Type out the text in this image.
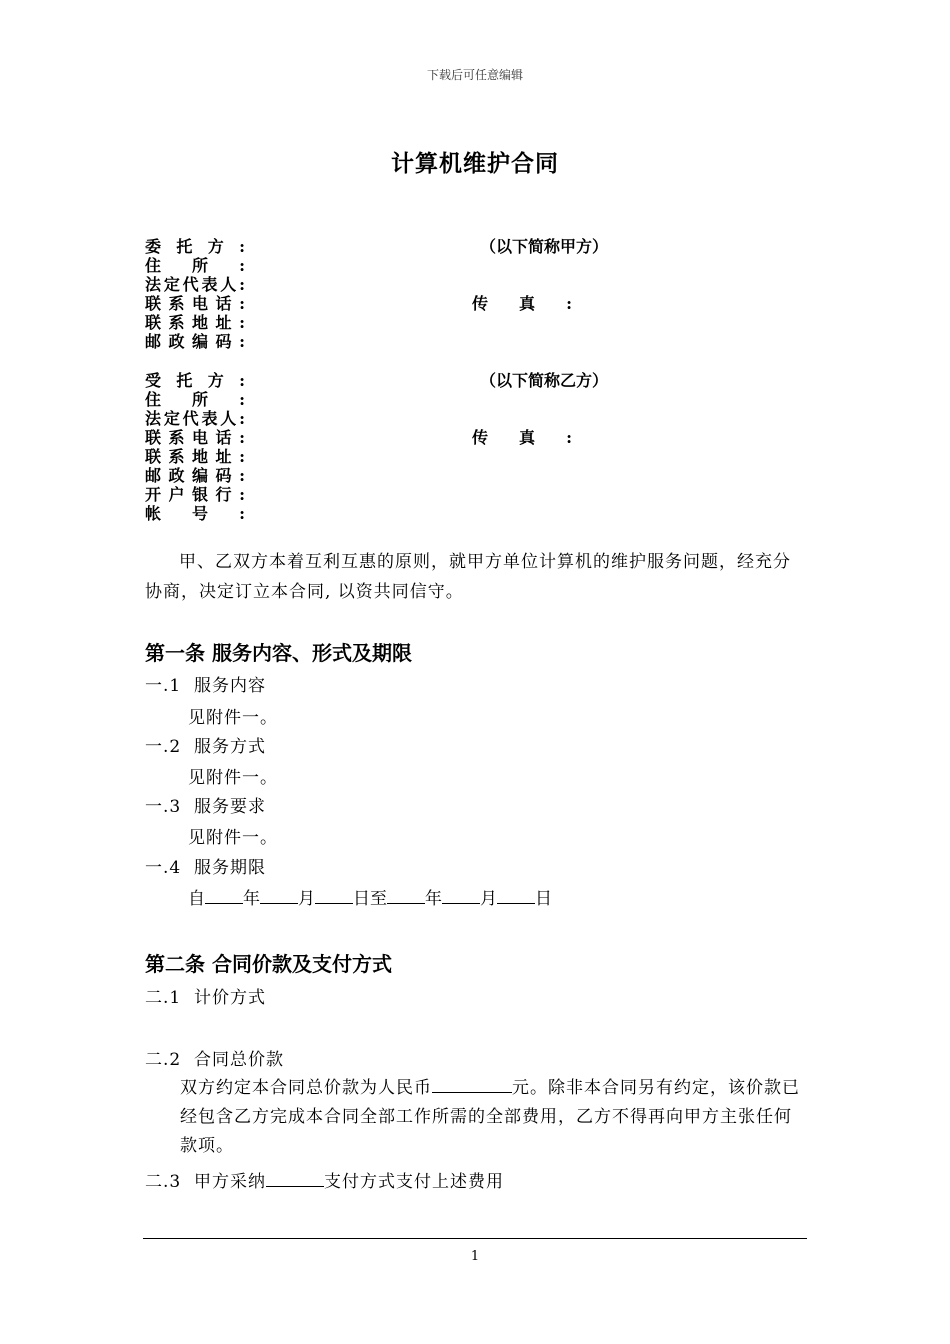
下载后可任意编辑
计算机维护合同
委托方:	（以下简称甲方）
住所:
法定代表人:
联系电话:	传真:
联系地址:
邮政编码:
受托方:	（以下简称乙方）
住所:
法定代表人:
联系电话:	传真:
联系地址:
邮政编码:
开户银行:
帐号:
甲、乙双方本着互利互惠的原则，就甲方单位计算机的维护服务问题，经充分协商，决定订立本合同, 以资共同信守。
第一条 服务内容、形式及期限
一.1 服务内容
见附件一。
一.2 服务方式
见附件一。
一.3 服务要求
见附件一。
一.4 服务期限
自 年 月 日至 年 月 日
第二条 合同价款及支付方式
二.1 计价方式
二.2 合同总价款
双方约定本合同总价款为人民币	元。除非本合同另有约定，该价款已经包含乙方完成本合同全部工作所需的全部费用，乙方不得再向甲方主张任何款项。
二.3 甲方采纳	支付方式支付上述费用
1
